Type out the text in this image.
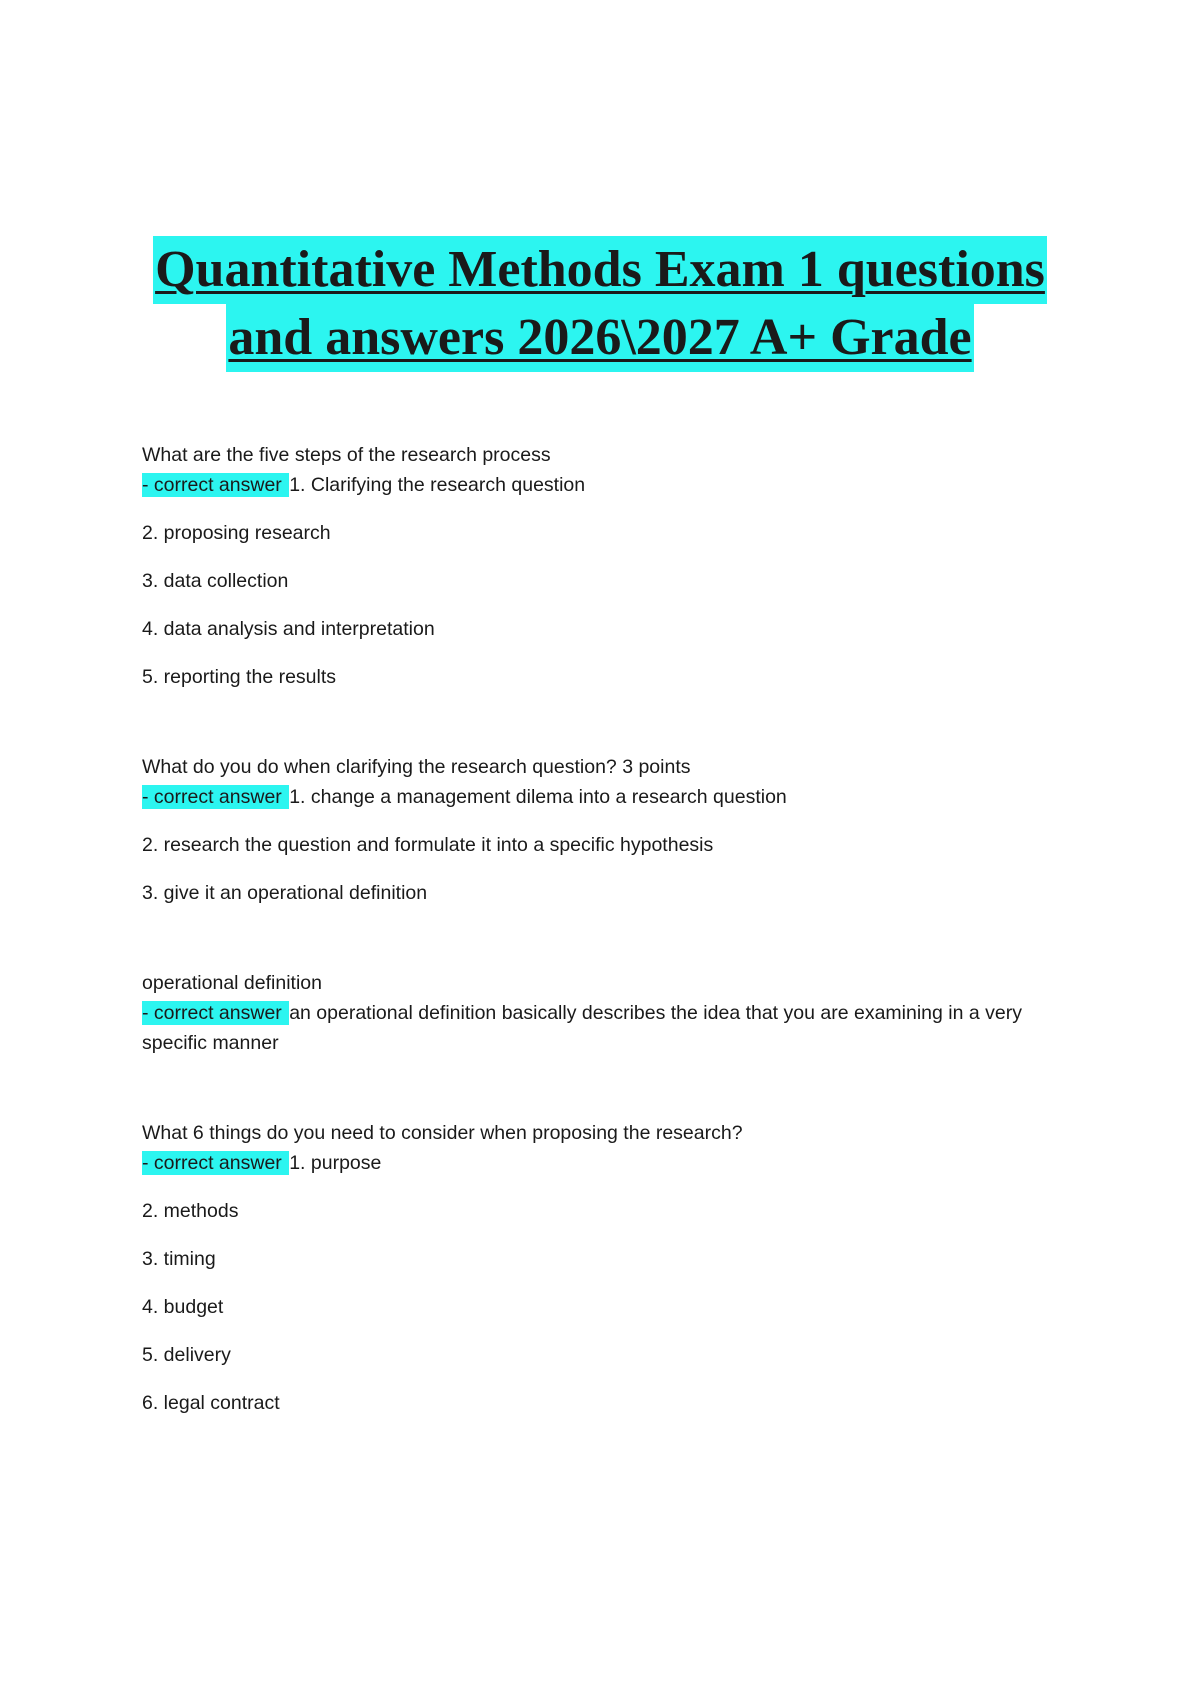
Quantitative Methods Exam 1 questions
and answers 2026\2027 A+ Grade

What are the five steps of the research process

- correct answer 1. Clarifying the research question

2. proposing research

3. data collection

4. data analysis and interpretation

5. reporting the results

What do you do when clarifying the research question? 3 points

- correct answer 1. change a management dilema into a research question

2. research the question and formulate it into a specific hypothesis

3. give it an operational definition

operational definition

- correct answer an operational definition basically describes the idea that you are examining in a very specific manner

What 6 things do you need to consider when proposing the research?

- correct answer 1. purpose

2. methods

3. timing

4. budget

5. delivery

6. legal contract
